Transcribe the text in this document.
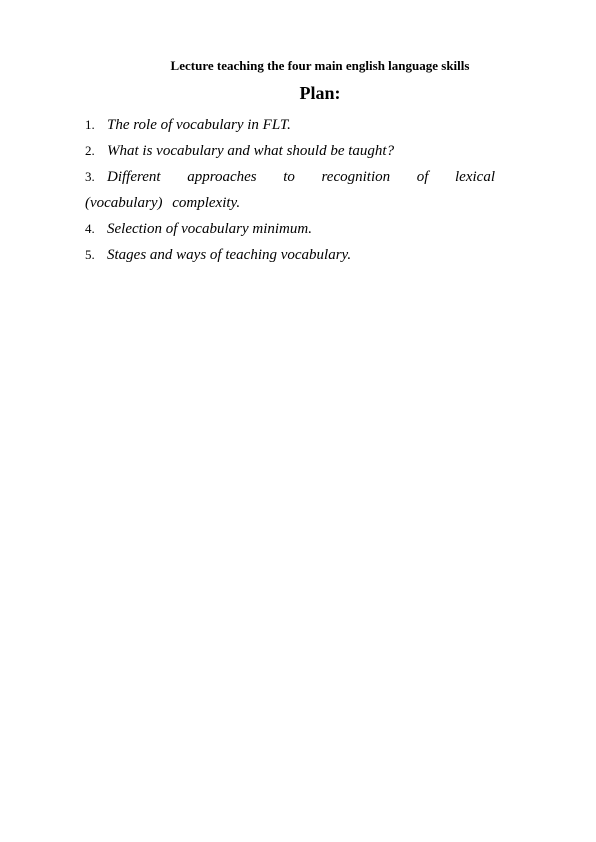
Lecture teaching the four main english language skills
Plan:
1. The role of vocabulary in FLT.
2. What is vocabulary and what should be taught?
3. Different approaches to recognition of lexical (vocabulary) complexity.
4. Selection of vocabulary minimum.
5. Stages and ways of teaching vocabulary.
